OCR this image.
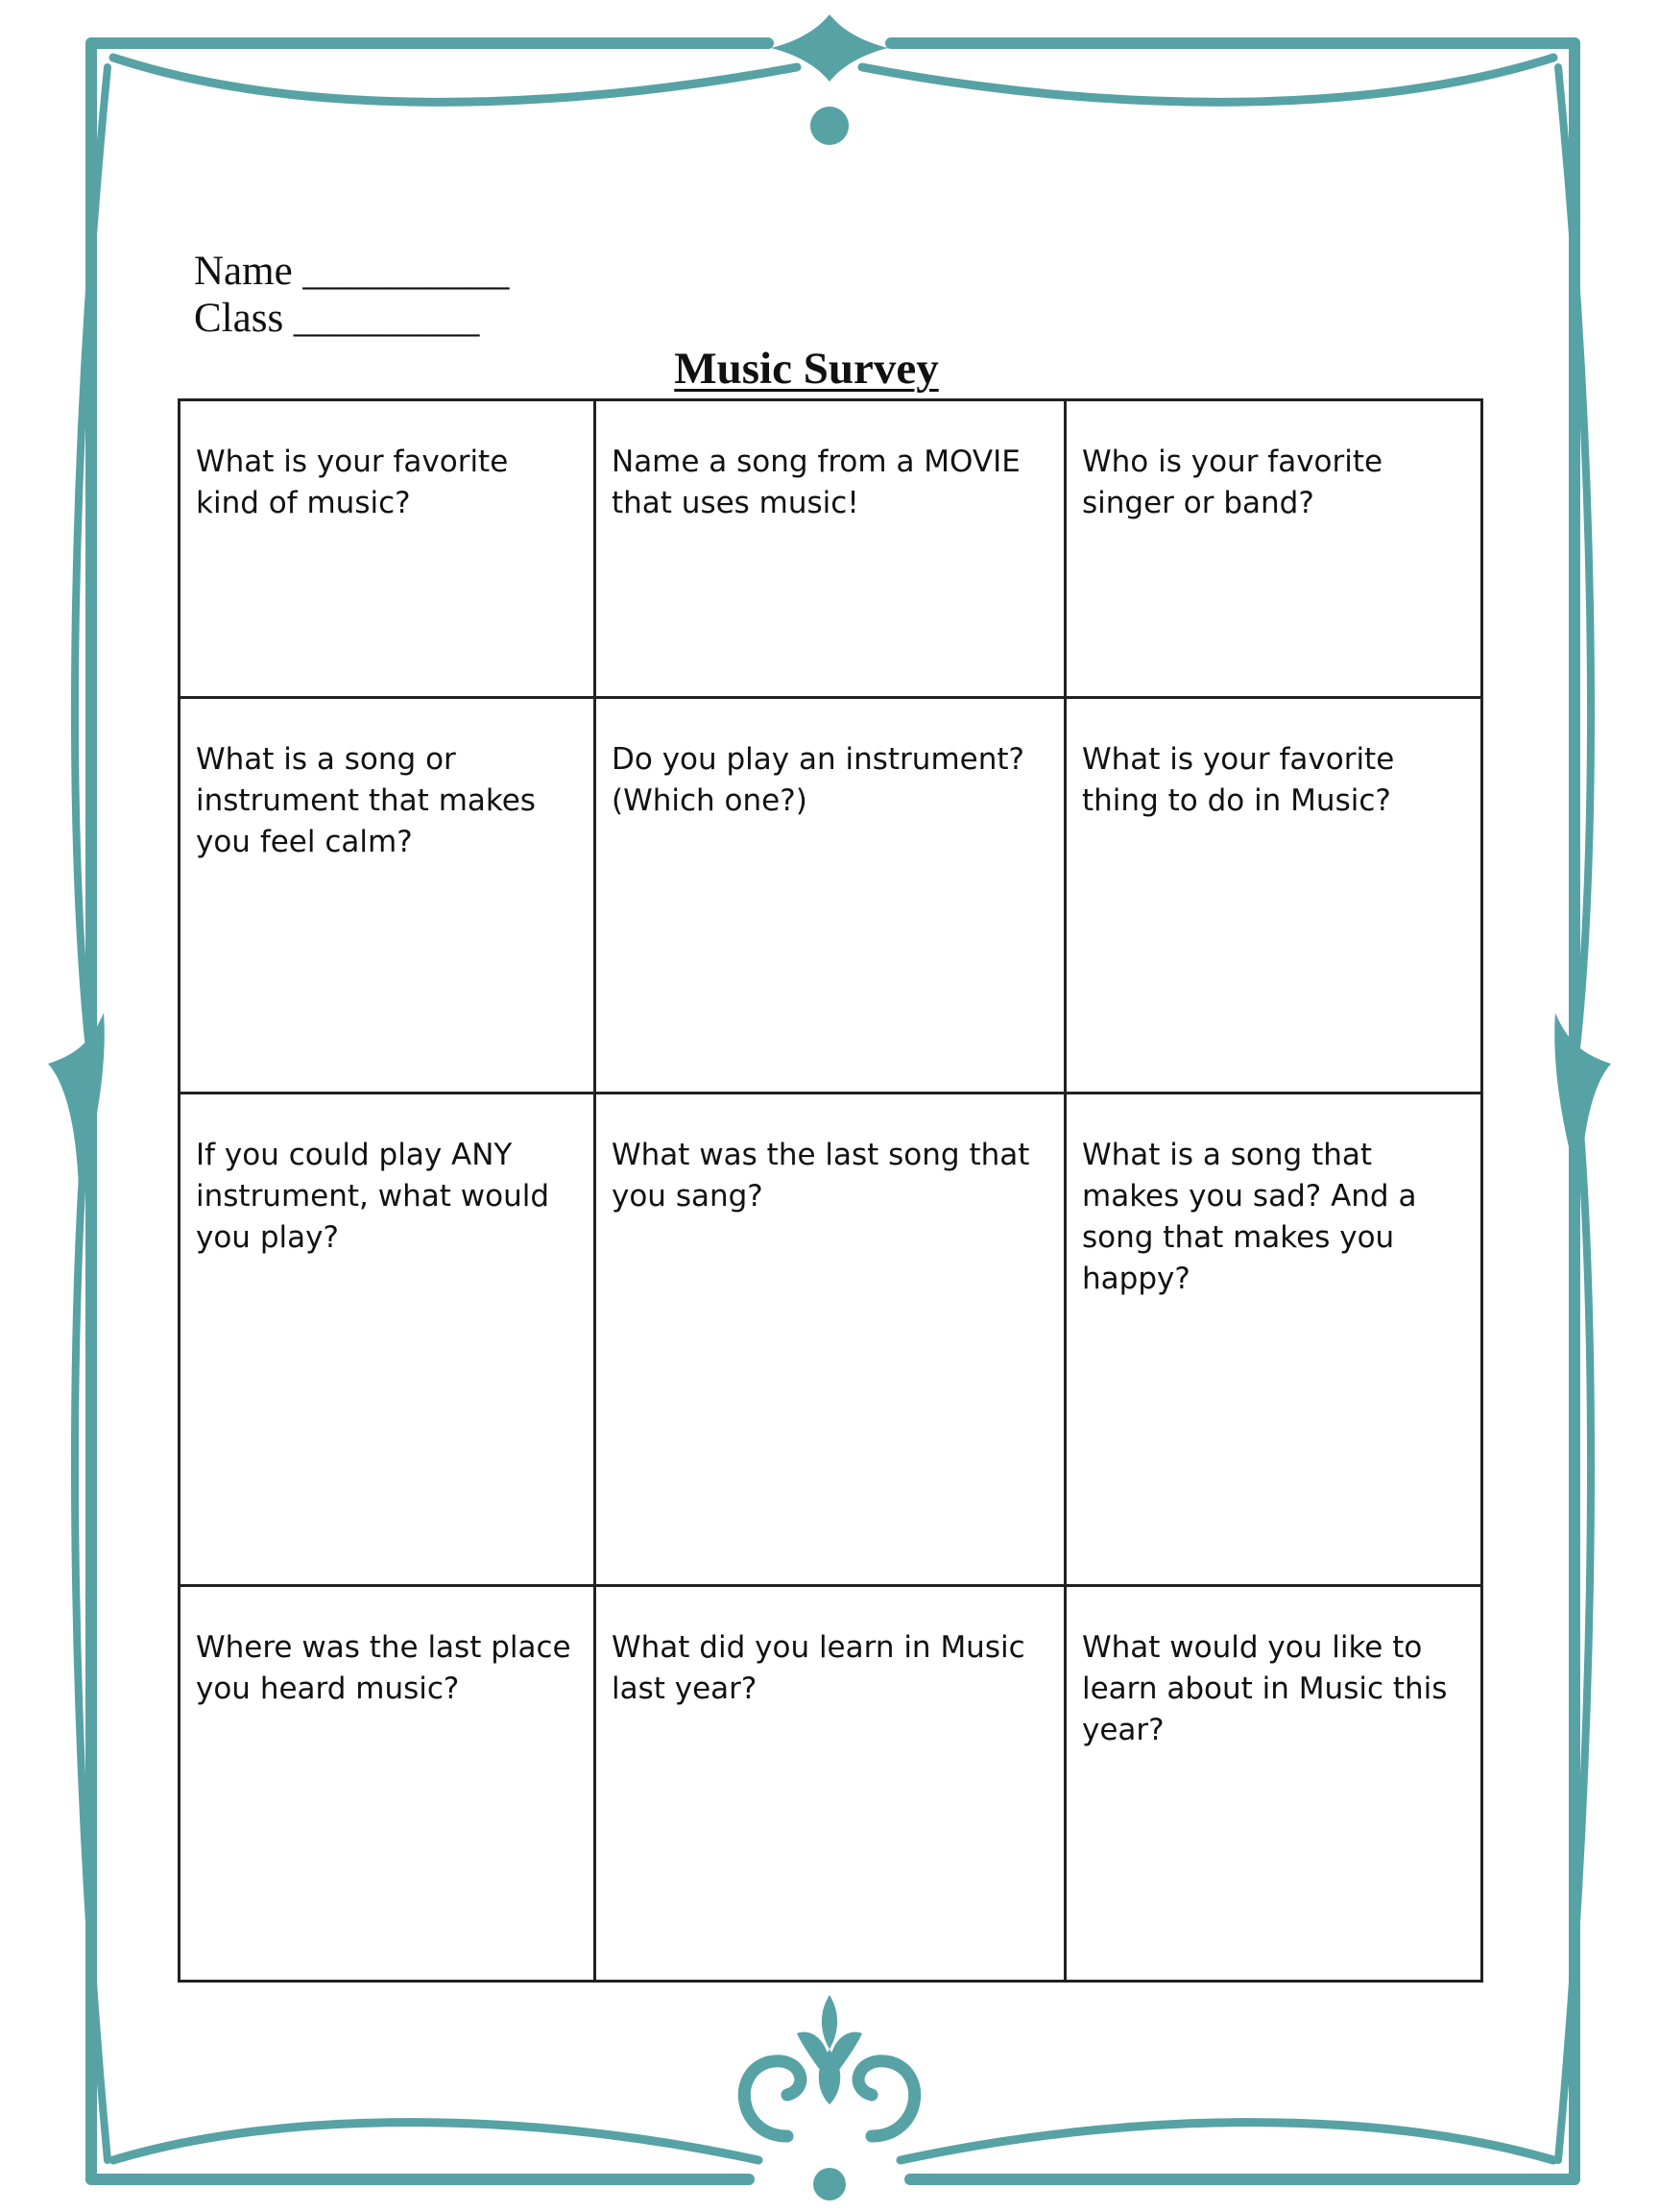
Name __________
Class _________
Music Survey
What is your favorite kind of music?	Name a song from a MOVIE that uses music!	Who is your favorite singer or band?

What is a song or instrument that makes you feel calm?	Do you play an instrument? (Which one?)	What is your favorite thing to do in Music?

If you could play ANY instrument, what would you play?	What was the last song that you sang?	What is a song that makes you sad? And a song that makes you happy?

Where was the last place you heard music?	What did you learn in Music last year?	What would you like to learn about in Music this year?
